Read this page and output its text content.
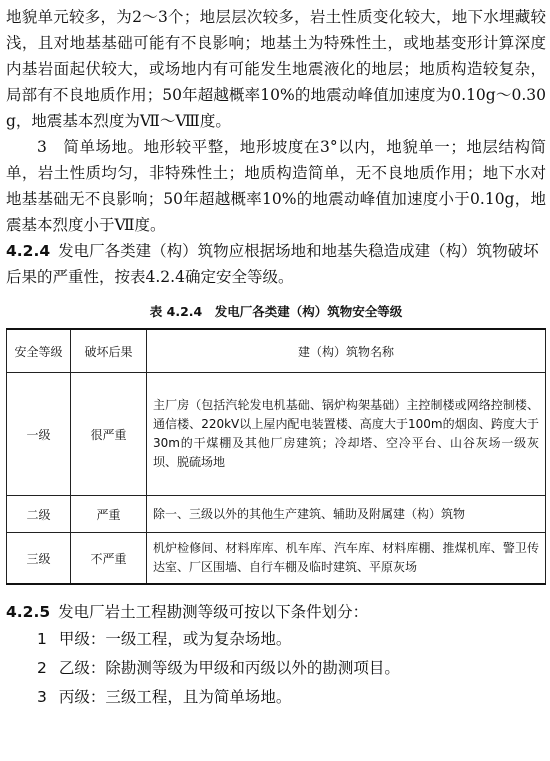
地貌单元较多，为2～3个；地层层次较多，岩土性质变化较大，地下水埋藏较浅，且对地基基础可能有不良影响；地基土为特殊性土，或地基变形计算深度内基岩面起伏较大，或场地内有可能发生地震液化的地层；地质构造较复杂，局部有不良地质作用；50年超越概率10%的地震动峰值加速度为0.10g～0.30g，地震基本烈度为Ⅶ～Ⅷ度。

3　简单场地。地形较平整，地形坡度在3°以内，地貌单一；地层结构简单，岩土性质均匀，非特殊性土；地质构造简单，无不良地质作用；地下水对地基基础无不良影响；50年超越概率10%的地震动峰值加速度小于0.10g，地震基本烈度小于Ⅶ度。

4.2.4 发电厂各类建（构）筑物应根据场地和地基失稳造成建（构）筑物破坏后果的严重性，按表4.2.4确定安全等级。

表 4.2.4　发电厂各类建（构）筑物安全等级
安全等级	破坏后果	建（构）筑物名称
一级	很严重	主厂房（包括汽轮发电机基础、锅炉构架基础）主控制楼或网络控制楼、通信楼、220kV以上屋内配电装置楼、高度大于100m的烟囱、跨度大于30m的干煤棚及其他厂房建筑；冷却塔、空冷平台、山谷灰场一级灰坝、脱硫场地
二级	严重	除一、三级以外的其他生产建筑、辅助及附属建（构）筑物
三级	不严重	机炉检修间、材料库库、机车库、汽车库、材料库棚、推煤机库、警卫传达室、厂区围墙、自行车棚及临时建筑、平原灰场

4.2.5 发电厂岩土工程勘测等级可按以下条件划分：

1 甲级：一级工程，或为复杂场地。

2 乙级：除勘测等级为甲级和丙级以外的勘测项目。

3 丙级：三级工程，且为简单场地。
